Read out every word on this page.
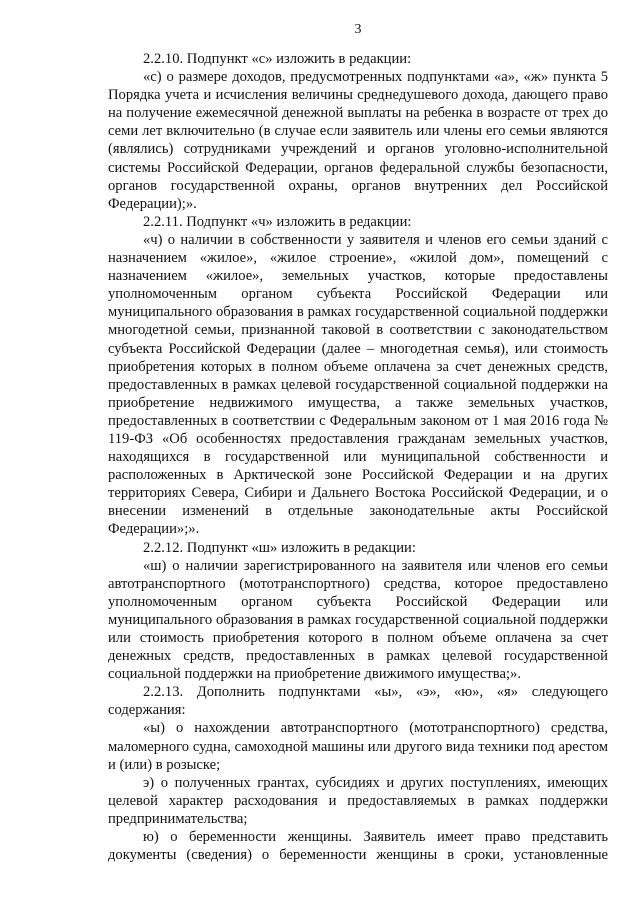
3

2.2.10. Подпункт «с» изложить в редакции:

«с) о размере доходов, предусмотренных подпунктами «а», «ж» пункта 5 Порядка учета и исчисления величины среднедушевого дохода, дающего право на получение ежемесячной денежной выплаты на ребенка в возрасте от трех до семи лет включительно (в случае если заявитель или члены его семьи являются (являлись) сотрудниками учреждений и органов уголовно-исполнительной системы Российской Федерации, органов федеральной службы безопасности, органов государственной охраны, органов внутренних дел Российской Федерации);».

2.2.11. Подпункт «ч» изложить в редакции:

«ч) о наличии в собственности у заявителя и членов его семьи зданий с назначением «жилое», «жилое строение», «жилой дом», помещений с назначением «жилое», земельных участков, которые предоставлены уполномоченным органом субъекта Российской Федерации или муниципального образования в рамках государственной социальной поддержки многодетной семьи, признанной таковой в соответствии с законодательством субъекта Российской Федерации (далее – многодетная семья), или стоимость приобретения которых в полном объеме оплачена за счет денежных средств, предоставленных в рамках целевой государственной социальной поддержки на приобретение недвижимого имущества, а также земельных участков, предоставленных в соответствии с Федеральным законом от 1 мая 2016 года № 119-ФЗ «Об особенностях предоставления гражданам земельных участков, находящихся в государственной или муниципальной собственности и расположенных в Арктической зоне Российской Федерации и на других территориях Севера, Сибири и Дальнего Востока Российской Федерации, и о внесении изменений в отдельные законодательные акты Российской Федерации»;».

2.2.12. Подпункт «ш» изложить в редакции:

«ш) о наличии зарегистрированного на заявителя или членов его семьи автотранспортного (мототранспортного) средства, которое предоставлено уполномоченным органом субъекта Российской Федерации или муниципального образования в рамках государственной социальной поддержки или стоимость приобретения которого в полном объеме оплачена за счет денежных средств, предоставленных в рамках целевой государственной социальной поддержки на приобретение движимого имущества;».

2.2.13. Дополнить подпунктами «ы», «э», «ю», «я» следующего содержания:

«ы) о нахождении автотранспортного (мототранспортного) средства, маломерного судна, самоходной машины или другого вида техники под арестом и (или) в розыске;

э) о полученных грантах, субсидиях и других поступлениях, имеющих целевой характер расходования и предоставляемых в рамках поддержки предпринимательства;

ю) о беременности женщины. Заявитель имеет право представить документы (сведения) о беременности женщины в сроки, установленные
